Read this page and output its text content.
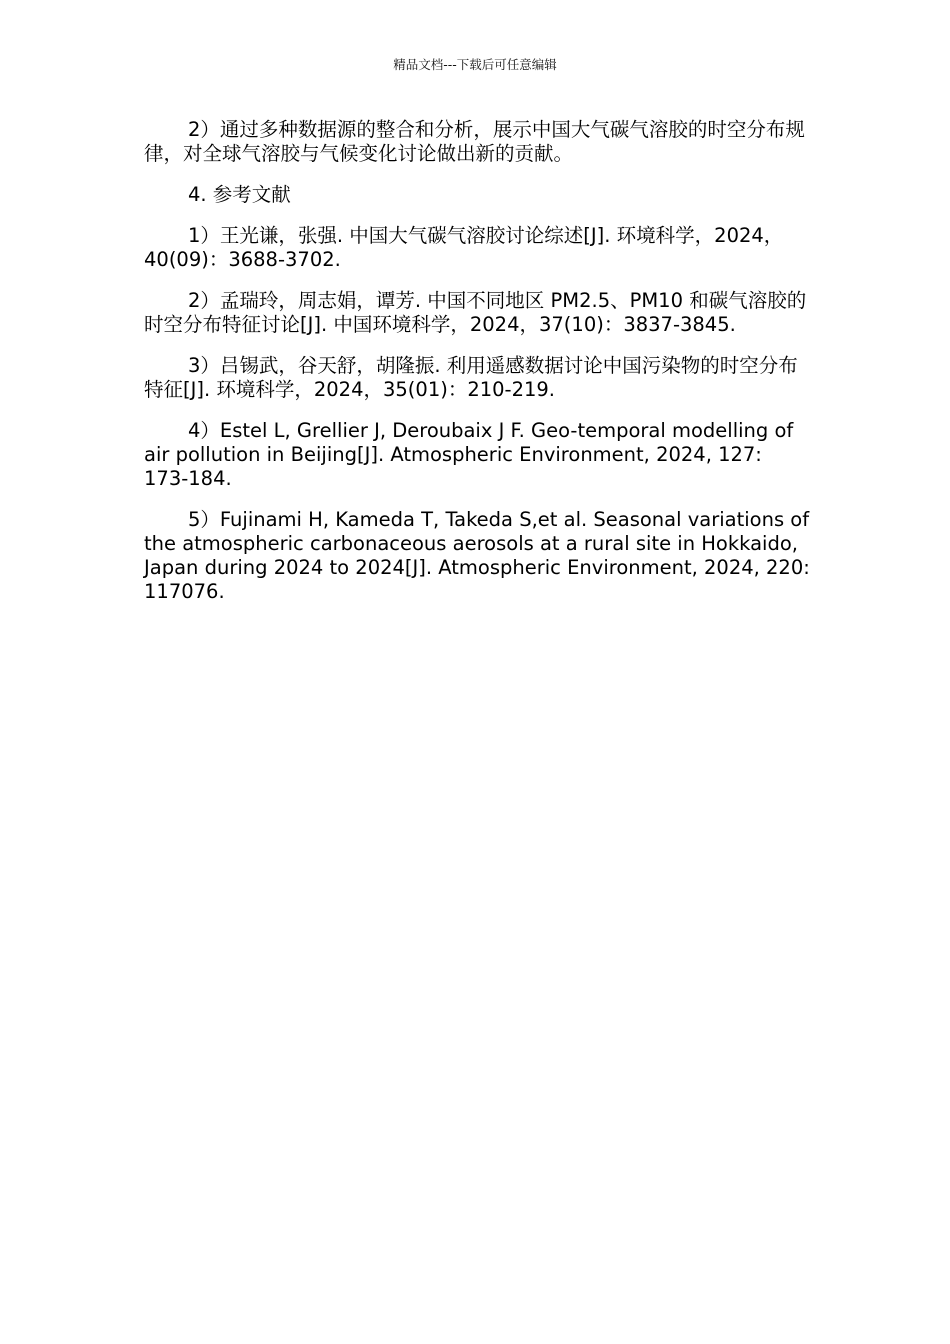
精品文档---下载后可任意编辑

2）通过多种数据源的整合和分析，展示中国大气碳气溶胶的时空分布规律，对全球气溶胶与气候变化讨论做出新的贡献。

4. 参考文献

1）王光谦，张强. 中国大气碳气溶胶讨论综述[J]. 环境科学，2024，40(09)：3688-3702.

2）孟瑞玲，周志娟，谭芳. 中国不同地区 PM2.5、PM10 和碳气溶胶的时空分布特征讨论[J]. 中国环境科学，2024，37(10)：3837-3845.

3）吕锡武，谷天舒，胡隆振. 利用遥感数据讨论中国污染物的时空分布特征[J]. 环境科学，2024，35(01)：210-219.

4）Estel L, Grellier J, Deroubaix J F. Geo-temporal modelling of air pollution in Beijing[J]. Atmospheric Environment, 2024, 127: 173-184.

5）Fujinami H, Kameda T, Takeda S,et al. Seasonal variations of the atmospheric carbonaceous aerosols at a rural site in Hokkaido, Japan during 2024 to 2024[J]. Atmospheric Environment, 2024, 220: 117076.
